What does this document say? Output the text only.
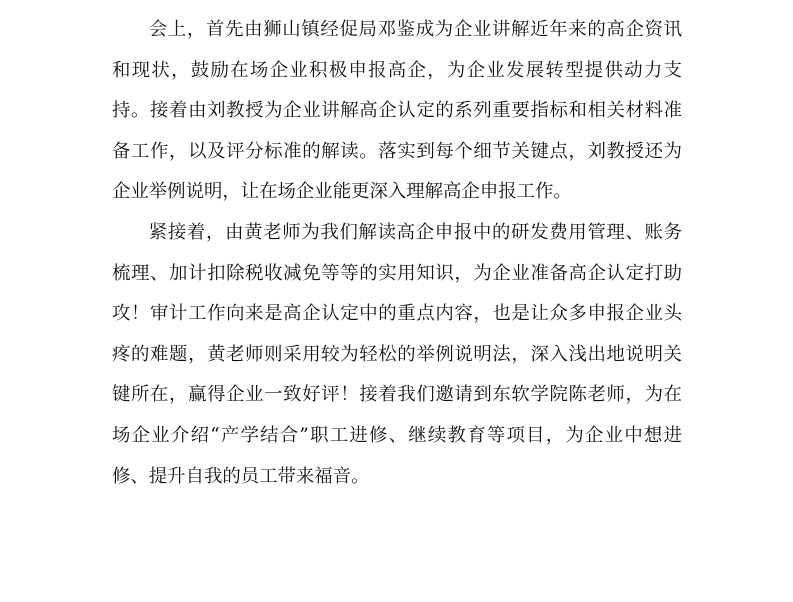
会上，首先由狮山镇经促局邓鉴成为企业讲解近年来的高企资讯和现状，鼓励在场企业积极申报高企，为企业发展转型提供动力支持。接着由刘教授为企业讲解高企认定的系列重要指标和相关材料准备工作，以及评分标准的解读。落实到每个细节关键点，刘教授还为企业举例说明，让在场企业能更深入理解高企申报工作。

紧接着，由黄老师为我们解读高企申报中的研发费用管理、账务梳理、加计扣除税收减免等等的实用知识，为企业准备高企认定打助攻！审计工作向来是高企认定中的重点内容，也是让众多申报企业头疼的难题，黄老师则采用较为轻松的举例说明法，深入浅出地说明关键所在，赢得企业一致好评！接着我们邀请到东软学院陈老师，为在场企业介绍“产学结合”职工进修、继续教育等项目，为企业中想进修、提升自我的员工带来福音。
